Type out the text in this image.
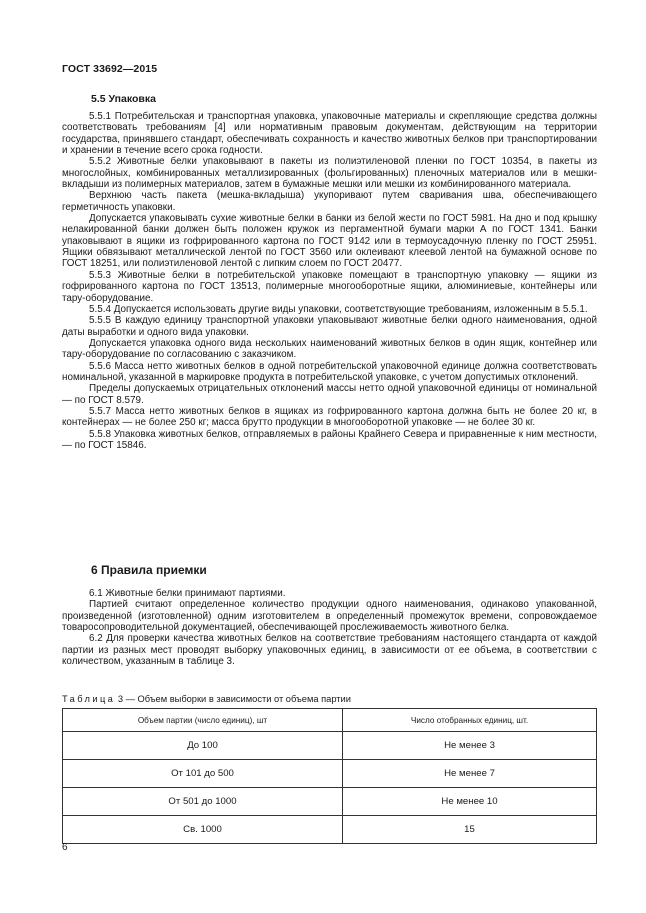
ГОСТ 33692—2015
5.5 Упаковка

5.5.1 Потребительская и транспортная упаковка, упаковочные материалы и скрепляющие средства должны соответствовать требованиям [4] или нормативным правовым документам, действующим на территории государства, принявшего стандарт, обеспечивать сохранность и качество животных белков при транспортировании и хранении в течение всего срока годности.

5.5.2 Животные белки упаковывают в пакеты из полиэтиленовой пленки по ГОСТ 10354, в пакеты из многослойных, комбинированных металлизированных (фольгированных) пленочных материалов или в мешки-вкладыши из полимерных материалов, затем в бумажные мешки или мешки из комбинированного материала.

Верхнюю часть пакета (мешка-вкладыша) укупоривают путем сваривания шва, обеспечивающего герметичность упаковки.

Допускается упаковывать сухие животные белки в банки из белой жести по ГОСТ 5981. На дно и под крышку нелакированной банки должен быть положен кружок из пергаментной бумаги марки А по ГОСТ 1341. Банки упаковывают в ящики из гофрированного картона по ГОСТ 9142 или в термоусадочную пленку по ГОСТ 25951. Ящики обвязывают металлической лентой по ГОСТ 3560 или оклеивают клеевой лентой на бумажной основе по ГОСТ 18251, или полиэтиленовой лентой с липким слоем по ГОСТ 20477.

5.5.3 Животные белки в потребительской упаковке помещают в транспортную упаковку — ящики из гофрированного картона по ГОСТ 13513, полимерные многооборотные ящики, алюминиевые, контейнеры или тару-оборудование.

5.5.4 Допускается использовать другие виды упаковки, соответствующие требованиям, изложенным в 5.5.1.

5.5.5 В каждую единицу транспортной упаковки упаковывают животные белки одного наименования, одной даты выработки и одного вида упаковки.

Допускается упаковка одного вида нескольких наименований животных белков в один ящик, контейнер или тару-оборудование по согласованию с заказчиком.

5.5.6 Масса нетто животных белков в одной потребительской упаковочной единице должна соответствовать номинальной, указанной в маркировке продукта в потребительской упаковке, с учетом допустимых отклонений.

Пределы допускаемых отрицательных отклонений массы нетто одной упаковочной единицы от номинальной — по ГОСТ 8.579.

5.5.7 Масса нетто животных белков в ящиках из гофрированного картона должна быть не более 20 кг, в контейнерах — не более 250 кг; масса брутто продукции в многооборотной упаковке — не более 30 кг.

5.5.8 Упаковка животных белков, отправляемых в районы Крайнего Севера и приравненные к ним местности, — по ГОСТ 15846.

6 Правила приемки

6.1 Животные белки принимают партиями.

Партией считают определенное количество продукции одного наименования, одинаково упакованной, произведенной (изготовленной) одним изготовителем в определенный промежуток времени, сопровождаемое товаросопроводительной документацией, обеспечивающей прослеживаемость животного белка.

6.2 Для проверки качества животных белков на соответствие требованиям настоящего стандарта от каждой партии из разных мест проводят выборку упаковочных единиц, в зависимости от ее объема, в соответствии с количеством, указанным в таблице 3.

Таблица 3 — Объем выборки в зависимости от объема партии
Объем партии (число единиц), шт	Число отобранных единиц, шт.
До 100	Не менее 3
От 101 до 500	Не менее 7
От 501 до 1000	Не менее 10
Св. 1000	15
6
